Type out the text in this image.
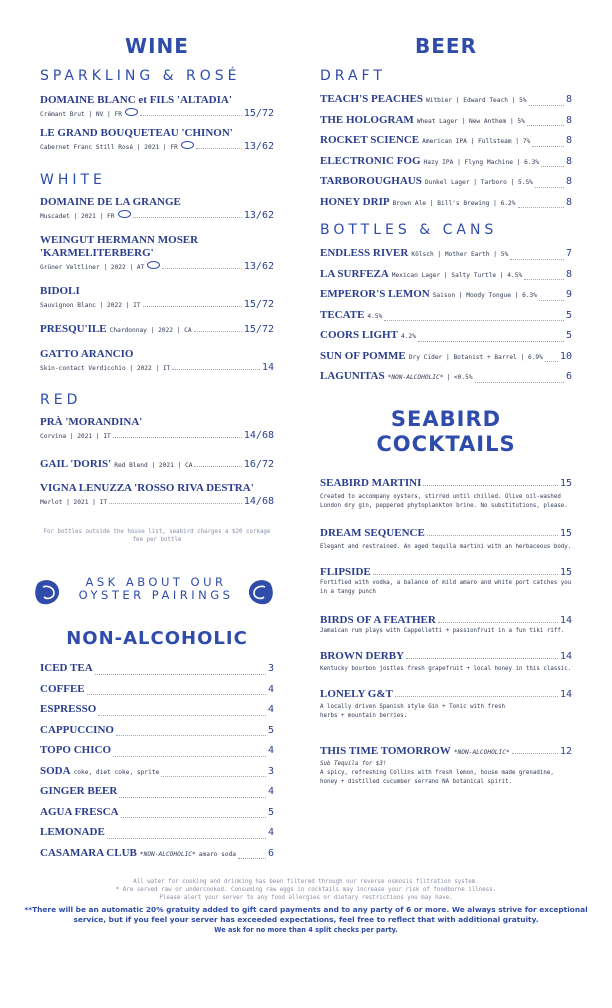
WINE
SPARKLING & ROSÉ
DOMAINE BLANC et FILS 'ALTADIA'
Crémant Brut | NV | FR	15/72
LE GRAND BOUQUETEAU 'CHINON'
Cabernet Franc Still Rosé | 2021 | FR	13/62
WHITE
DOMAINE DE LA GRANGE
Muscadet | 2021 | FR	13/62
WEINGUT HERMANN MOSER
'KARMELITERBERG'
Grüner Veltliner | 2022 | AT	13/62
BIDOLI
Sauvignon Blanc | 2022 | IT	15/72
PRESQU'ILE Chardonnay | 2022 | CA	15/72
GATTO ARANCIO
Skin-contact Verdicchio | 2022 | IT	14
RED
PRÀ 'MORANDINA'
Corvina | 2021 | IT	14/68
GAIL 'DORIS' Red Blend | 2021 | CA	16/72
VIGNA LENUZZA 'ROSSO RIVA DESTRA'
Merlot | 2021 | IT	14/68
For bottles outside the house list, seabird charges a $20 corkage fee per bottle
ASK ABOUT OUR
OYSTER PAIRINGS
NON-ALCOHOLIC
ICED TEA	3
COFFEE	4
ESPRESSO	4
CAPPUCCINO	5
TOPO CHICO	4
SODA coke, diet coke, sprite	3
GINGER BEER	4
AGUA FRESCA	5
LEMONADE	4
CASAMARA CLUB *NON-ALCOHOLIC* amaro soda	6
BEER
DRAFT
TEACH'S PEACHES Witbier | Edward Teach | 5%	8
THE HOLOGRAM Wheat Lager | New Anthem | 5%	8
ROCKET SCIENCE American IPA | Fullsteam | 7%	8
ELECTRONIC FOG Hazy IPA | Flyng Machine | 6.3%	8
TARBOROUGHAUS Dunkel Lager | Tarboro | 5.5%	8
HONEY DRIP Brown Ale | Bill's Brewing | 6.2%	8
BOTTLES & CANS
ENDLESS RIVER Kölsch | Mother Earth | 5%	7
LA SURFEZA Mexican Lager | Salty Turtle | 4.5%	8
EMPEROR'S LEMON Saison | Moody Tongue | 6.3%	9
TECATE 4.5%	5
COORS LIGHT 4.2%	5
SUN OF POMME Dry Cider | Botanist + Barrel | 6.9% 10
LAGUNITAS *NON-ALCOHOLIC* | <0.5%	6
SEABIRD
COCKTAILS
SEABIRD MARTINI	15
Created to accompany oysters, stirred until chilled. Olive oil-washed London dry gin, peppered phytoplankton brine. No substitutions, please.
DREAM SEQUENCE	15
Elegant and restrained. An aged tequila martini with an herbaceous body.
FLIPSIDE	15
Fortified with vodka, a balance of mild amaro and white port catches you in a tangy punch
BIRDS OF A FEATHER	14
Jamaican rum plays with Cappelletti + passionfruit in a fun tiki riff.
BROWN DERBY	14
Kentucky bourbon jostles fresh grapefruit + local honey in this classic.
LONELY G&T	14
A locally driven Spanish style Gin + Tonic with fresh herbs + mountain berries.
THIS TIME TOMORROW *NON-ALCOHOLIC*	12
Sub Tequila for $3!
A spicy, refreshing Collins with fresh lemon, house made grenadine, honey + distilled cucumber serrano NA botanical spirit.
All water for cooking and drinking has been filtered through our reverse osmosis filtration system.
* Are served raw or undercooked. Consuming raw eggs in cocktails may increase your risk of foodborne illness.
Please alert your server to any food allergies or dietary restrictions you may have.
**There will be an automatic 20% gratuity added to gift card payments and to any party of 6 or more. We always strive for exceptional service, but if you feel your server has exceeded expectations, feel free to reflect that with additional gratuity.
We ask for no more than 4 split checks per party.
